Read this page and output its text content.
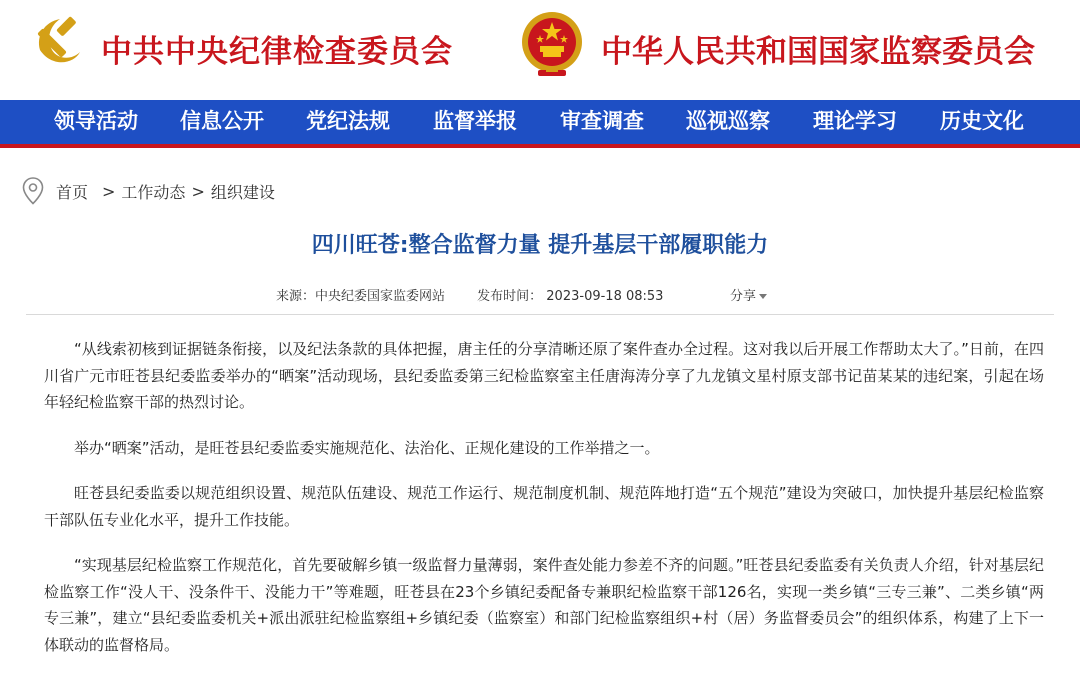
中共中央纪律检查委员会	中华人民共和国国家监察委员会
领导活动 信息公开 党纪法规 监督举报 审查调查 巡视巡察 理论学习 历史文化
首页 > 工作动态 > 组织建设
四川旺苍:整合监督力量 提升基层干部履职能力
来源：中央纪委国家监委网站 发布时间： 2023-09-18 08:53	分享

“从线索初核到证据链条衔接，以及纪法条款的具体把握，唐主任的分享清晰还原了案件查办全过程。这对我以后开展工作帮助太大了。”日前，在四川省广元市旺苍县纪委监委举办的“晒案”活动现场，县纪委监委第三纪检监察室主任唐海涛分享了九龙镇文星村原支部书记苗某某的违纪案，引起在场年轻纪检监察干部的热烈讨论。

举办“晒案”活动，是旺苍县纪委监委实施规范化、法治化、正规化建设的工作举措之一。

旺苍县纪委监委以规范组织设置、规范队伍建设、规范工作运行、规范制度机制、规范阵地打造“五个规范”建设为突破口，加快提升基层纪检监察干部队伍专业化水平，提升工作技能。

“实现基层纪检监察工作规范化，首先要破解乡镇一级监督力量薄弱，案件查处能力参差不齐的问题。”旺苍县纪委监委有关负责人介绍，针对基层纪检监察工作“没人干、没条件干、没能力干”等难题，旺苍县在23个乡镇纪委配备专兼职纪检监察干部126名，实现一类乡镇“三专三兼”、二类乡镇“两专三兼”，建立“县纪委监委机关+派出派驻纪检监察组+乡镇纪委（监察室）和部门纪检监察组织+村（居）务监督委员会”的组织体系，构建了上下一体联动的监督格局。
